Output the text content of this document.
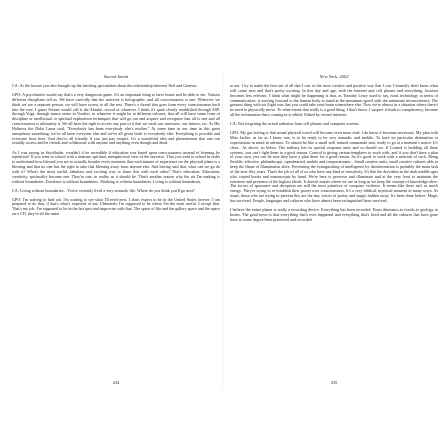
Sacred Intent

CA: At the lecture you also brought up the teaching speculation about the relationship between Neil and Genesis.

GPO: A psychiatrist would say that's a very dangerous game. It's an important thing to have learnt and be able to see. Various different disciplines tell us. We have carefully that the universe is holographic, and all consciousness is one. Wherever we think we are a separate person, we will have access to all the rest. There's a thread that goes from every consciousness back into the root. I guess Steiner would call it the Akashic record or whatever. I think it's quite clearly established through ESP, through Yoga, through trance states in Voodoo, or whatever it might be in different cultures, that all will have some form of discipline or intellectual or spiritual exploration techniques that will go out and acquire and recognize that all is one and all consciousness is ultimately it. We all have the right to access any part of it that we wish: our ancestors, our futures, etc. As His Holiness the Dalai Lama said, "Everybody has been everybody else's mother." At some time in our time in this great amorphous something, we've all been everyone else and we've all given birth to everybody else. Everything is possible and everyone lives here. And they're all friendly if you just pay respect. It's a wonderful idea and phenomenon that one can actually access and be friends and collaborate with anyone and anything even though and dead.

As I was saying in Stockholm, wouldn't it be incredible if education was based upon consciousness instead of learning by repetition? If you went to school with a shaman, spiritual, metaphysical view of the universe. That you went to school in order to understand how blessed you are to actually breathe every moment; that each minute of experience on the physical plane is a blessing and that no one has the right to take that blessing away from anyone else. And having said that, what can we go do with it? What's the most useful, fabulous and exciting way to share this with each other? That's education. Education, creativity, spirituality become one. They're one, in reality as it should be. That's another reason why the art I'm making is without boundaries. Existence is without boundaries. Thinking is without boundaries. Living is without boundaries.

CA: Living without boundaries... You're certainly lived a very nomadic life. Where do you think you'll go next?

GPO: I'm waiting to find out. I'm waiting to see what I'll need next. I don't expect to be in the United States forever; I am prepared to do that, if that's what's expected of me. Ultimately I'm supposed to be where I'm the most useful. I accept that. That's my job. I'm supposed to be in the hot spot and improvise with that. The space of life and the gallery space and the space on a CD, they're all the same

234
New York, 2002

to me. I try to make the best out of all that I can, in the most creative and positive way that I can. I honestly don't know what will come next and that's pretty exciting. In this day and age, with the Internet and cell phones and everything, location becomes less relevant. I think what might be happening is that, as Timothy Leary used to say, most technology in terms of communication, is moving forward to the human body to stand at the maximum speed with the minimum inconvenience. The greatest thing with air flight was that you could take your brain somewhere else. Now we're almost in a situation where there's no need to physically move. To what extent that really is a good thing, I don't know. I suspect it leads to complacency, because all the information that's coming in is edited. Edited by vested interests.

CA: Not forgetting the actual radiation from cell phones and computer screens.

GPO: My gut feeling is that actual physical travel will become even more vital. I do know it becomes necessary. My plan with Miss Jackie, as far as I know one, is to be ready to be very nomadic and mobile. To have no particular destination or expectations in mind in advance. To almost be like a small well trained commando unit, ready to go at a moment's notice. It's clear... As above, so below. The military has its special response units and so should we. If Control is building all these systems, you can't fight them in a good reason. Control is giving certain templates to work with, and if you don't have a plan of your own, you can be sure they have a plan there for a good reason. So it's good to work with a network of such. Being flexible, effective, philanthropic, openhearted, mobile and compassionate... Small creative units, small creative cultures able to keep the flame of illumination alive. Preventing the extinguishing of intelligence by disinformation is probably the main task of the next fifty years. That's the job of all of us who have any kind of sensitivity. It's like the dervishes in the dark middle ages who copied books and manuscripts by hand. We're here to preserve and illuminate and at the very least to maintain the existence and presence of the highest ideals. It doesn't matter where we are as long as we keep the concept of knowledge alive. The forces of ignorance and deception are still the most primitive of weapons: violence. It seems like there isn't as much energy. They're trying to re-establish their power over consciousness. It's a very biblical, mythical moment in many ways. As usual, those who are trying to prevent this are the tiny voices of poetry and magic hidden away. It's been done before. Magic has survived. People, languages and cultures who have almost been extinguished have survived.

I believe the entire planet is really a recording device. Everything has been recorded. From dinosaurs as fossils to geology to books. The good news is that everything that's ever happened and everything that's lived and all the cultures that have gone have to some degree been preserved and recorded.

235
